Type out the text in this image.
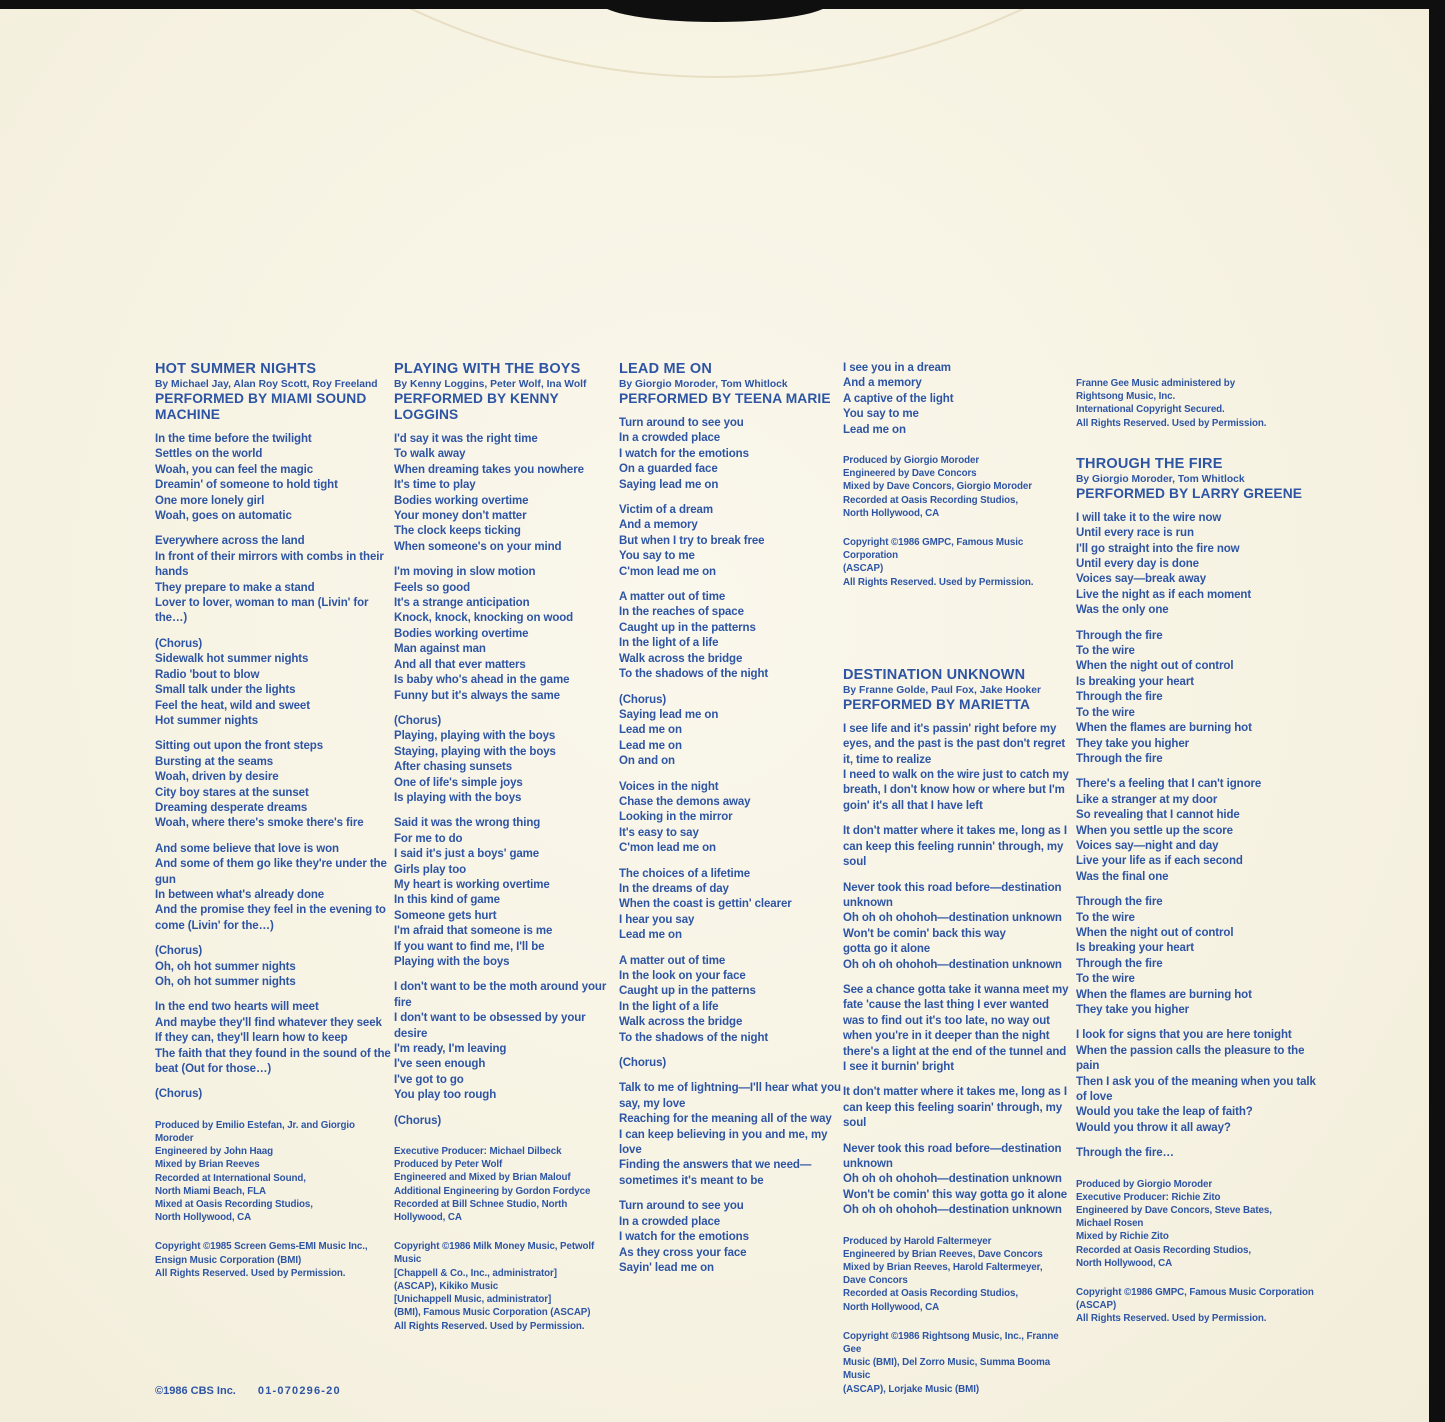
HOT SUMMER NIGHTS
By Michael Jay, Alan Roy Scott, Roy Freeland
PERFORMED BY MIAMI SOUND MACHINE
In the time before the twilight
Settles on the world
Woah, you can feel the magic
Dreamin' of someone to hold tight
One more lonely girl
Woah, goes on automatic
Everywhere across the land
In front of their mirrors with combs in their hands
They prepare to make a stand
Lover to lover, woman to man (Livin' for the…)
(Chorus)
Sidewalk hot summer nights
Radio 'bout to blow
Small talk under the lights
Feel the heat, wild and sweet
Hot summer nights
Sitting out upon the front steps
Bursting at the seams
Woah, driven by desire
City boy stares at the sunset
Dreaming desperate dreams
Woah, where there's smoke there's fire
And some believe that love is won
And some of them go like they're under the gun
In between what's already done
And the promise they feel in the evening to come (Livin' for the…)
(Chorus)
Oh, oh hot summer nights
Oh, oh hot summer nights
In the end two hearts will meet
And maybe they'll find whatever they seek
If they can, they'll learn how to keep
The faith that they found in the sound of the beat (Out for those…)
(Chorus)
Produced by Emilio Estefan, Jr. and Giorgio Moroder
Engineered by John Haag
Mixed by Brian Reeves
Recorded at International Sound,
North Miami Beach, FLA
Mixed at Oasis Recording Studios,
North Hollywood, CA
Copyright ©1985 Screen Gems-EMI Music Inc.,
Ensign Music Corporation (BMI)
All Rights Reserved. Used by Permission.
PLAYING WITH THE BOYS
By Kenny Loggins, Peter Wolf, Ina Wolf
PERFORMED BY KENNY LOGGINS
I'd say it was the right time
To walk away
When dreaming takes you nowhere
It's time to play
Bodies working overtime
Your money don't matter
The clock keeps ticking
When someone's on your mind
I'm moving in slow motion
Feels so good
It's a strange anticipation
Knock, knock, knocking on wood
Bodies working overtime
Man against man
And all that ever matters
Is baby who's ahead in the game
Funny but it's always the same
(Chorus)
Playing, playing with the boys
Staying, playing with the boys
After chasing sunsets
One of life's simple joys
Is playing with the boys
Said it was the wrong thing
For me to do
I said it's just a boys' game
Girls play too
My heart is working overtime
In this kind of game
Someone gets hurt
I'm afraid that someone is me
If you want to find me, I'll be
Playing with the boys
I don't want to be the moth around your fire
I don't want to be obsessed by your desire
I'm ready, I'm leaving
I've seen enough
I've got to go
You play too rough
(Chorus)
Executive Producer: Michael Dilbeck
Produced by Peter Wolf
Engineered and Mixed by Brian Malouf
Additional Engineering by Gordon Fordyce
Recorded at Bill Schnee Studio, North Hollywood, CA
Copyright ©1986 Milk Money Music, Petwolf Music
[Chappell & Co., Inc., administrator]
(ASCAP), Kikiko Music
[Unichappell Music, administrator]
(BMI), Famous Music Corporation (ASCAP)
All Rights Reserved. Used by Permission.
LEAD ME ON
By Giorgio Moroder, Tom Whitlock
PERFORMED BY TEENA MARIE
Turn around to see you
In a crowded place
I watch for the emotions
On a guarded face
Saying lead me on
Victim of a dream
And a memory
But when I try to break free
You say to me
C'mon lead me on
A matter out of time
In the reaches of space
Caught up in the patterns
In the light of a life
Walk across the bridge
To the shadows of the night
(Chorus)
Saying lead me on
Lead me on
Lead me on
On and on
Voices in the night
Chase the demons away
Looking in the mirror
It's easy to say
C'mon lead me on
The choices of a lifetime
In the dreams of day
When the coast is gettin' clearer
I hear you say
Lead me on
A matter out of time
In the look on your face
Caught up in the patterns
In the light of a life
Walk across the bridge
To the shadows of the night
(Chorus)
Talk to me of lightning—I'll hear what you say, my love
Reaching for the meaning all of the way
I can keep believing in you and me, my love
Finding the answers that we need—sometimes it's meant to be
Turn around to see you
In a crowded place
I watch for the emotions
As they cross your face
Sayin' lead me on
I see you in a dream
And a memory
A captive of the light
You say to me
Lead me on
Produced by Giorgio Moroder
Engineered by Dave Concors
Mixed by Dave Concors, Giorgio Moroder
Recorded at Oasis Recording Studios,
North Hollywood, CA
Copyright ©1986 GMPC, Famous Music Corporation
(ASCAP)
All Rights Reserved. Used by Permission.
DESTINATION UNKNOWN
By Franne Golde, Paul Fox, Jake Hooker
PERFORMED BY MARIETTA
I see life and it's passin' right before my eyes, and the past is the past don't regret it, time to realize
I need to walk on the wire just to catch my breath, I don't know how or where but I'm goin' it's all that I have left
It don't matter where it takes me, long as I can keep this feeling runnin' through, my soul
Never took this road before—destination unknown
Oh oh oh ohohoh—destination unknown
Won't be comin' back this way
gotta go it alone
Oh oh oh ohohoh—destination unknown
See a chance gotta take it wanna meet my fate 'cause the last thing I ever wanted was to find out it's too late, no way out when you're in it deeper than the night there's a light at the end of the tunnel and I see it burnin' bright
It don't matter where it takes me, long as I can keep this feeling soarin' through, my soul
Never took this road before—destination unknown
Oh oh oh ohohoh—destination unknown
Won't be comin' this way gotta go it alone
Oh oh oh ohohoh—destination unknown
Produced by Harold Faltermeyer
Engineered by Brian Reeves, Dave Concors
Mixed by Brian Reeves, Harold Faltermeyer,
Dave Concors
Recorded at Oasis Recording Studios,
North Hollywood, CA
Copyright ©1986 Rightsong Music, Inc., Franne Gee
Music (BMI), Del Zorro Music, Summa Booma Music
(ASCAP), Lorjake Music (BMI)
Franne Gee Music administered by
Rightsong Music, Inc.
International Copyright Secured.
All Rights Reserved. Used by Permission.
THROUGH THE FIRE
By Giorgio Moroder, Tom Whitlock
PERFORMED BY LARRY GREENE
I will take it to the wire now
Until every race is run
I'll go straight into the fire now
Until every day is done
Voices say—break away
Live the night as if each moment
Was the only one
Through the fire
To the wire
When the night out of control
Is breaking your heart
Through the fire
To the wire
When the flames are burning hot
They take you higher
Through the fire
There's a feeling that I can't ignore
Like a stranger at my door
So revealing that I cannot hide
When you settle up the score
Voices say—night and day
Live your life as if each second
Was the final one
Through the fire
To the wire
When the night out of control
Is breaking your heart
Through the fire
To the wire
When the flames are burning hot
They take you higher
I look for signs that you are here tonight
When the passion calls the pleasure to the pain
Then I ask you of the meaning when you talk of love
Would you take the leap of faith?
Would you throw it all away?
Through the fire…
Produced by Giorgio Moroder
Executive Producer: Richie Zito
Engineered by Dave Concors, Steve Bates,
Michael Rosen
Mixed by Richie Zito
Recorded at Oasis Recording Studios,
North Hollywood, CA
Copyright ©1986 GMPC, Famous Music Corporation
(ASCAP)
All Rights Reserved. Used by Permission.
©1986 CBS Inc. 01-070296-20
